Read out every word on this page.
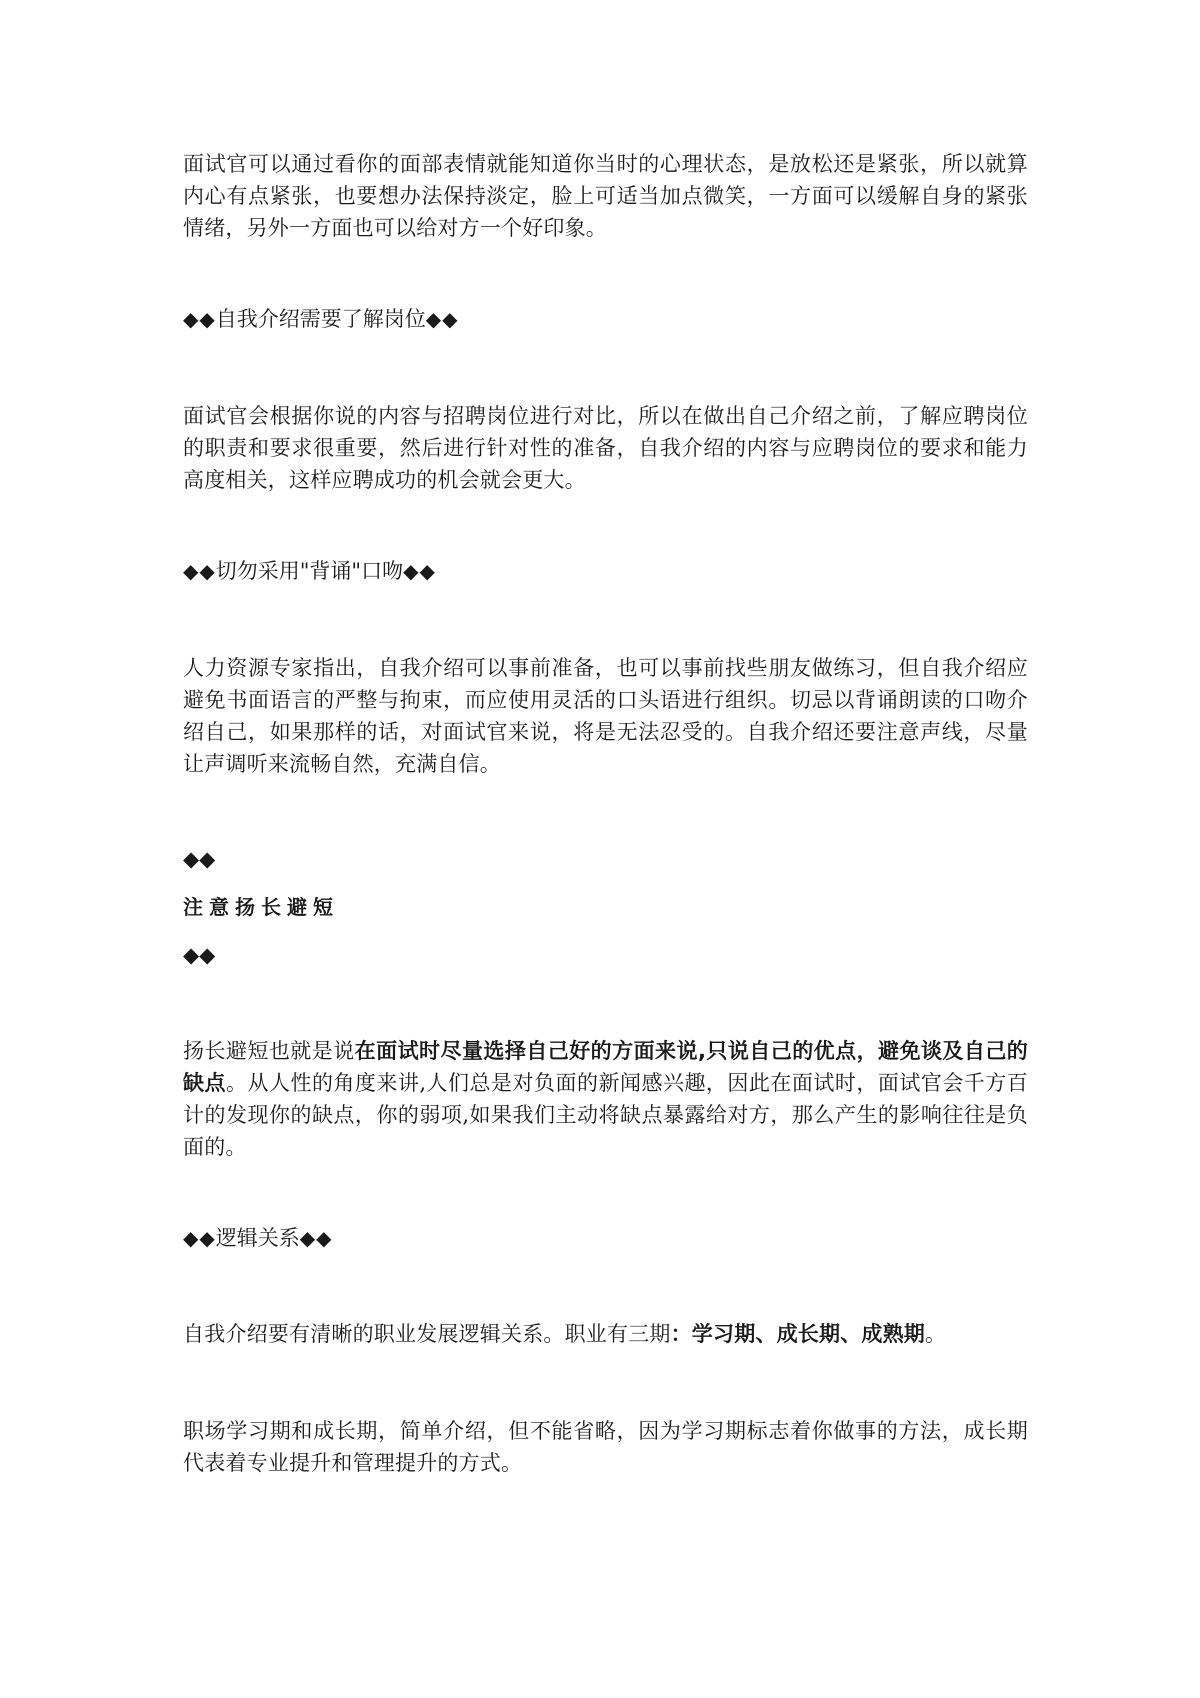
面试官可以通过看你的面部表情就能知道你当时的心理状态，是放松还是紧张，所以就算内心有点紧张，也要想办法保持淡定，脸上可适当加点微笑，一方面可以缓解自身的紧张情绪，另外一方面也可以给对方一个好印象。

◆◆自我介绍需要了解岗位◆◆

面试官会根据你说的内容与招聘岗位进行对比，所以在做出自己介绍之前，了解应聘岗位的职责和要求很重要，然后进行针对性的准备，自我介绍的内容与应聘岗位的要求和能力高度相关，这样应聘成功的机会就会更大。

◆◆切勿采用"背诵"口吻◆◆

人力资源专家指出，自我介绍可以事前准备，也可以事前找些朋友做练习，但自我介绍应避免书面语言的严整与拘束，而应使用灵活的口头语进行组织。切忌以背诵朗读的口吻介绍自己，如果那样的话，对面试官来说，将是无法忍受的。自我介绍还要注意声线，尽量让声调听来流畅自然，充满自信。

◆◆
注意扬长避短
◆◆

扬长避短也就是说在面试时尽量选择自己好的方面来说,只说自己的优点，避免谈及自己的缺点。从人性的角度来讲,人们总是对负面的新闻感兴趣，因此在面试时，面试官会千方百计的发现你的缺点，你的弱项,如果我们主动将缺点暴露给对方，那么产生的影响往往是负面的。

◆◆逻辑关系◆◆

自我介绍要有清晰的职业发展逻辑关系。职业有三期：学习期、成长期、成熟期。

职场学习期和成长期，简单介绍，但不能省略，因为学习期标志着你做事的方法，成长期代表着专业提升和管理提升的方式。
